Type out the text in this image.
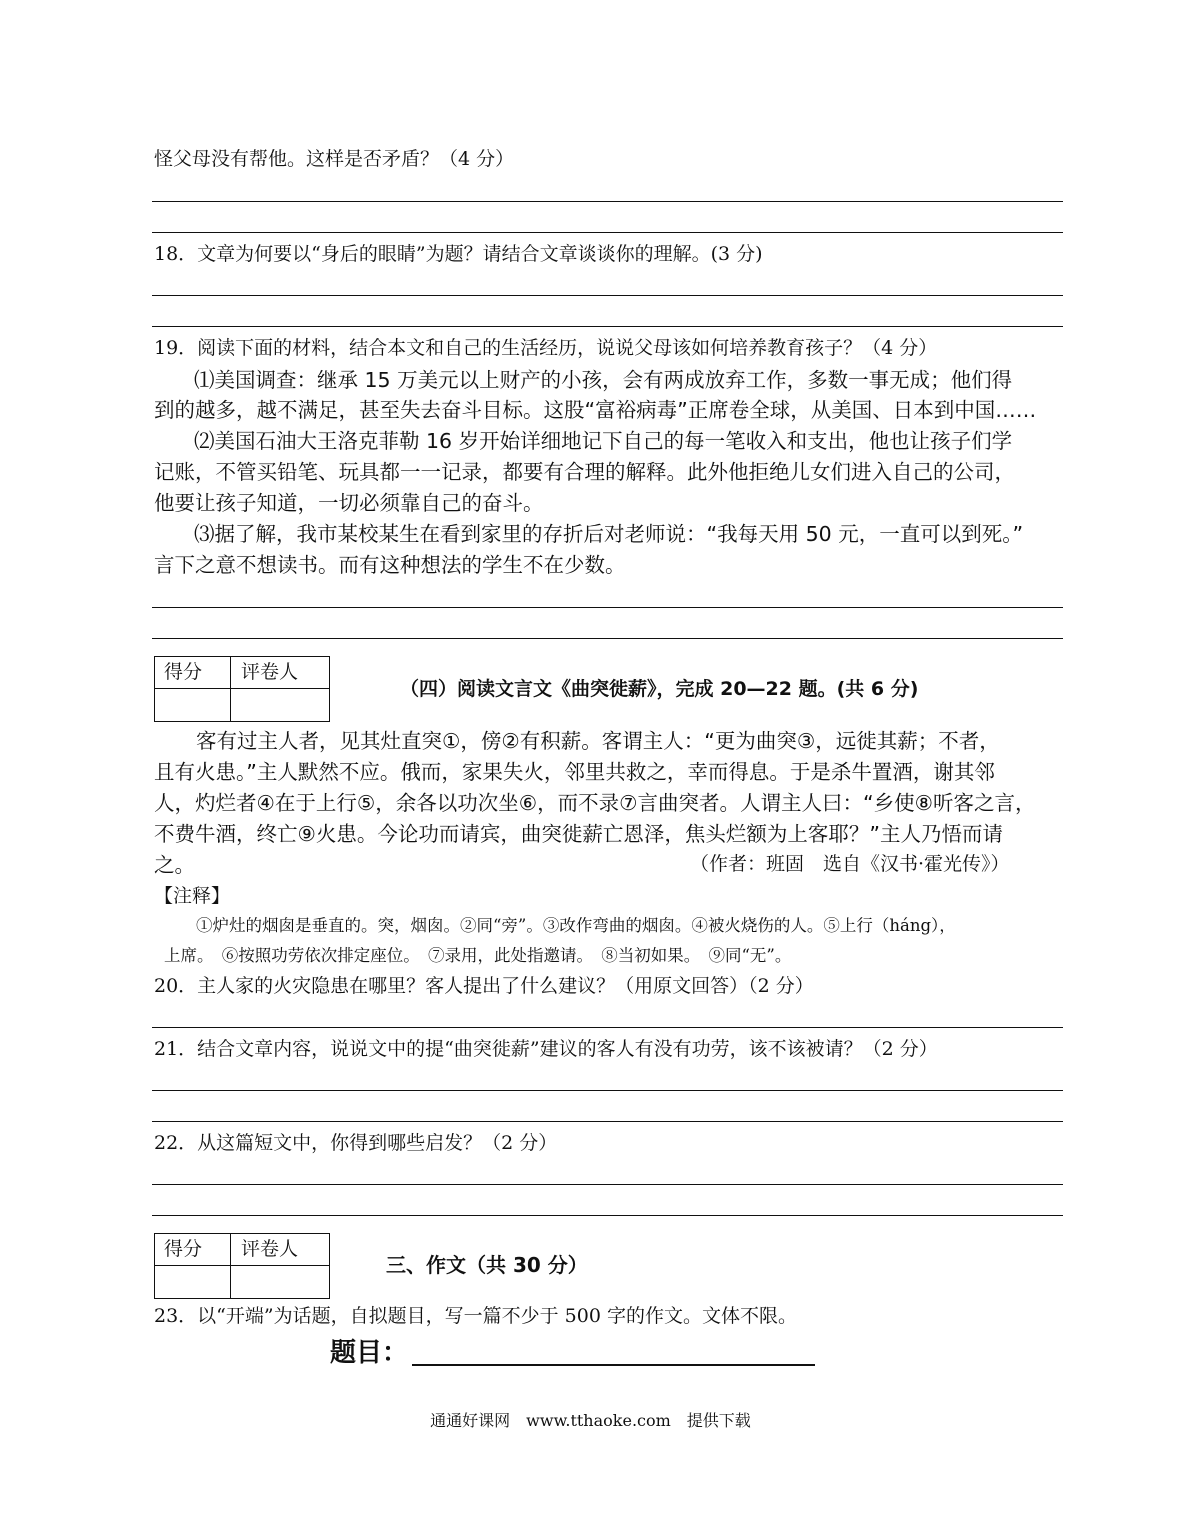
怪父母没有帮他。这样是否矛盾？（4 分）
18．文章为何要以“身后的眼睛”为题？请结合文章谈谈你的理解。(3 分)
19．阅读下面的材料，结合本文和自己的生活经历，说说父母该如何培养教育孩子？（4 分）
⑴美国调查：继承 15 万美元以上财产的小孩，会有两成放弃工作，多数一事无成；他们得
到的越多，越不满足，甚至失去奋斗目标。这股“富裕病毒”正席卷全球，从美国、日本到中国……
⑵美国石油大王洛克菲勒 16 岁开始详细地记下自己的每一笔收入和支出，他也让孩子们学
记账，不管买铅笔、玩具都一一记录，都要有合理的解释。此外他拒绝儿女们进入自己的公司，
他要让孩子知道，一切必须靠自己的奋斗。
⑶据了解，我市某校某生在看到家里的存折后对老师说：“我每天用 50 元，一直可以到死。”
言下之意不想读书。而有这种想法的学生不在少数。
得分 评卷人
（四）阅读文言文《曲突徙薪》，完成 20—22 题。(共 6 分)
客有过主人者，见其灶直突①，傍②有积薪。客谓主人：“更为曲突③，远徙其薪；不者，
且有火患。”主人默然不应。俄而，家果失火，邻里共救之，幸而得息。于是杀牛置酒，谢其邻
人，灼烂者④在于上行⑤，余各以功次坐⑥，而不录⑦言曲突者。人谓主人曰：“乡使⑧听客之言，
不费牛酒，终亡⑨火患。今论功而请宾，曲突徙薪亡恩泽，焦头烂额为上客耶？”主人乃悟而请
之。	（作者：班固　选自《汉书·霍光传》）
【注释】
①炉灶的烟囱是垂直的。突，烟囱。②同“旁”。③改作弯曲的烟囱。④被火烧伤的人。⑤上行（háng），
上席。　⑥按照功劳依次排定座位。　⑦录用，此处指邀请。　⑧当初如果。　⑨同“无”。
20．主人家的火灾隐患在哪里？客人提出了什么建议？（用原文回答）（2 分）
21．结合文章内容，说说文中的提“曲突徙薪”建议的客人有没有功劳，该不该被请？（2 分）
22．从这篇短文中，你得到哪些启发？（2 分）
得分 评卷人
三、作文（共 30 分）
23．以“开端”为话题，自拟题目，写一篇不少于 500 字的作文。文体不限。
题目：
通通好课网　www.tthaoke.com　提供下载
